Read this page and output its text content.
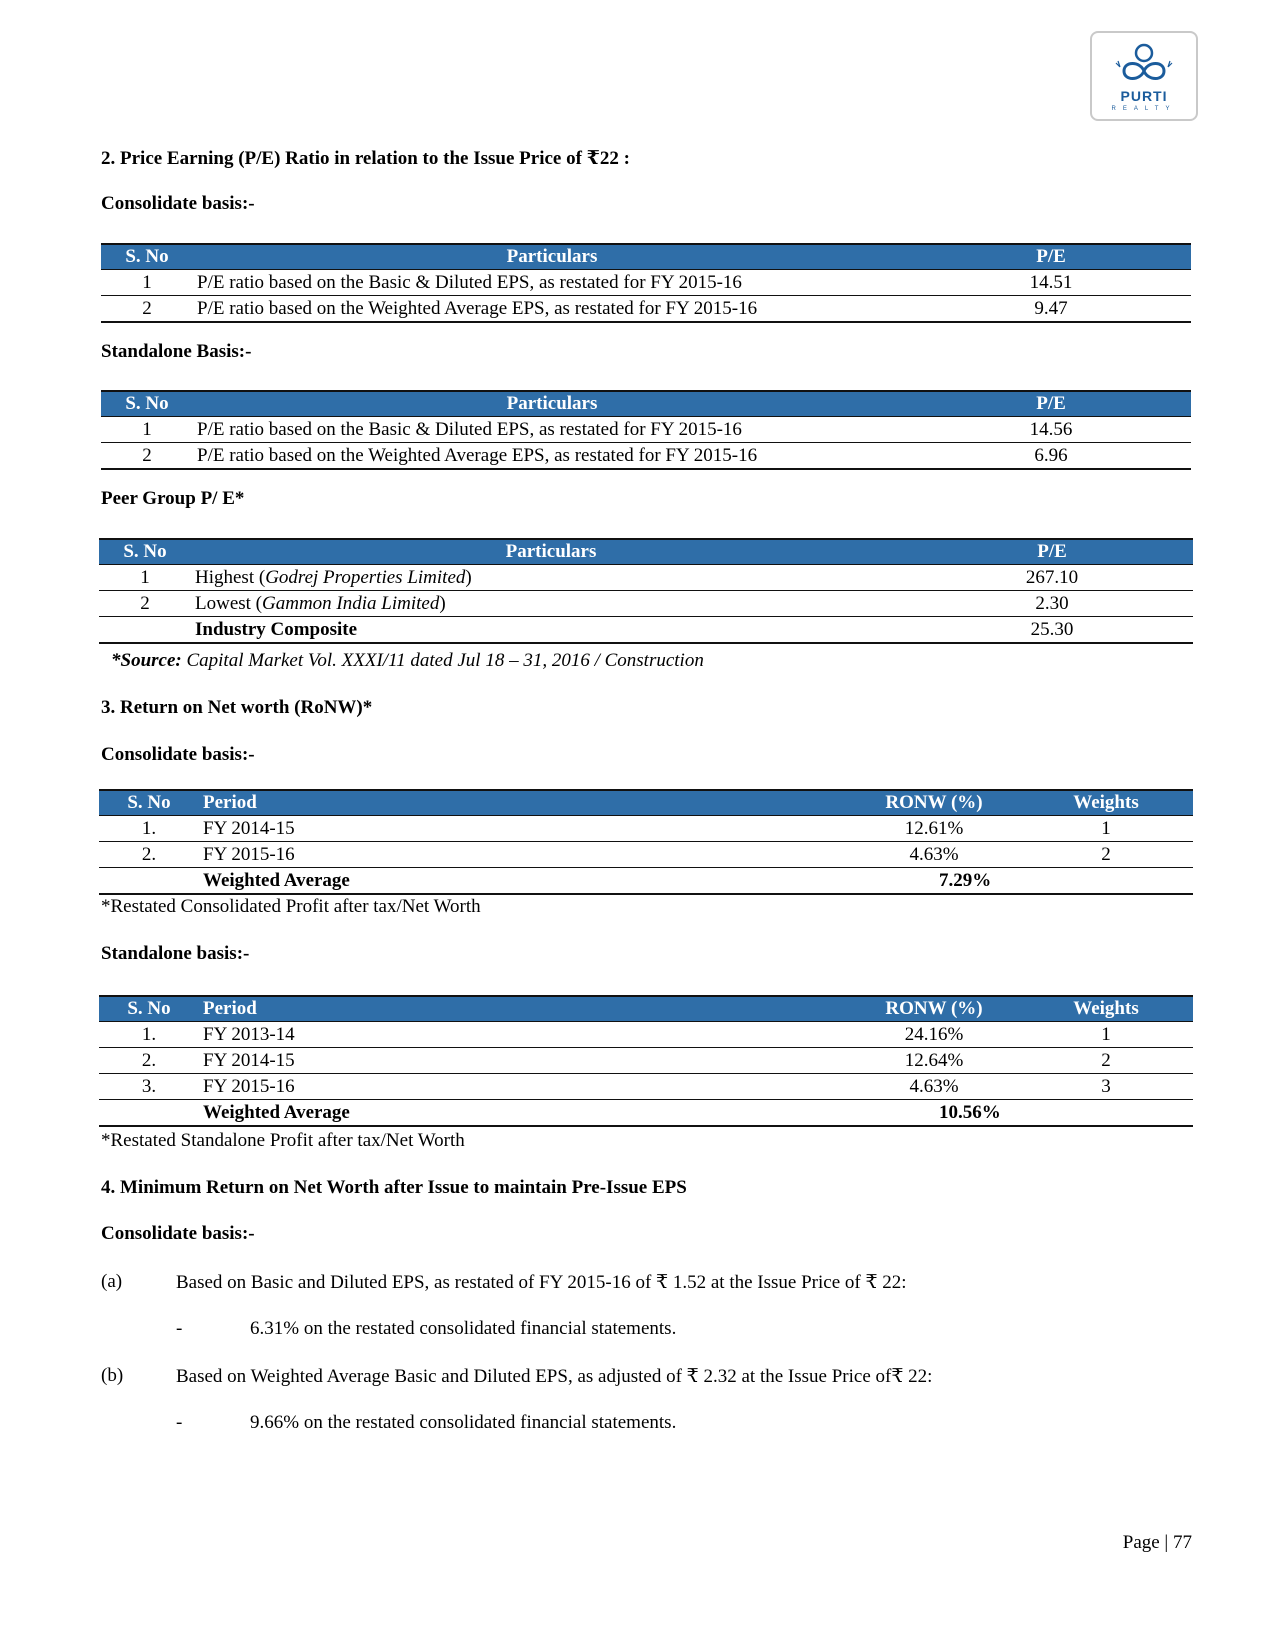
PURTI
REALTY
2. Price Earning (P/E) Ratio in relation to the Issue Price of ₹22 :
Consolidate basis:-
S. No	Particulars	P/E
1	P/E ratio based on the Basic & Diluted EPS, as restated for FY 2015-16	14.51
2	P/E ratio based on the Weighted Average EPS, as restated for FY 2015-16	9.47
Standalone Basis:-
S. No	Particulars	P/E
1	P/E ratio based on the Basic & Diluted EPS, as restated for FY 2015-16	14.56
2	P/E ratio based on the Weighted Average EPS, as restated for FY 2015-16	6.96
Peer Group P/ E*
S. No	Particulars	P/E
1	Highest (Godrej Properties Limited)	267.10
2	Lowest (Gammon India Limited)	2.30
	Industry Composite	25.30
*Source: Capital Market Vol. XXXI/11 dated Jul 18 – 31, 2016 / Construction
3. Return on Net worth (RoNW)*
Consolidate basis:-
S. No	Period	RONW (%)	Weights
1.	FY 2014-15	12.61%	1
2.	FY 2015-16	4.63%	2
	Weighted Average	7.29%	
*Restated Consolidated Profit after tax/Net Worth
Standalone basis:-
S. No	Period	RONW (%)	Weights
1.	FY 2013-14	24.16%	1
2.	FY 2014-15	12.64%	2
3.	FY 2015-16	4.63%	3
	Weighted Average	10.56%	
*Restated Standalone Profit after tax/Net Worth
4. Minimum Return on Net Worth after Issue to maintain Pre-Issue EPS
Consolidate basis:-
(a)	Based on Basic and Diluted EPS, as restated of FY 2015-16 of ₹ 1.52 at the Issue Price of ₹ 22:
-	6.31% on the restated consolidated financial statements.
(b)	Based on Weighted Average Basic and Diluted EPS, as adjusted of ₹ 2.32 at the Issue Price of₹ 22:
-	9.66% on the restated consolidated financial statements.
Page | 77
